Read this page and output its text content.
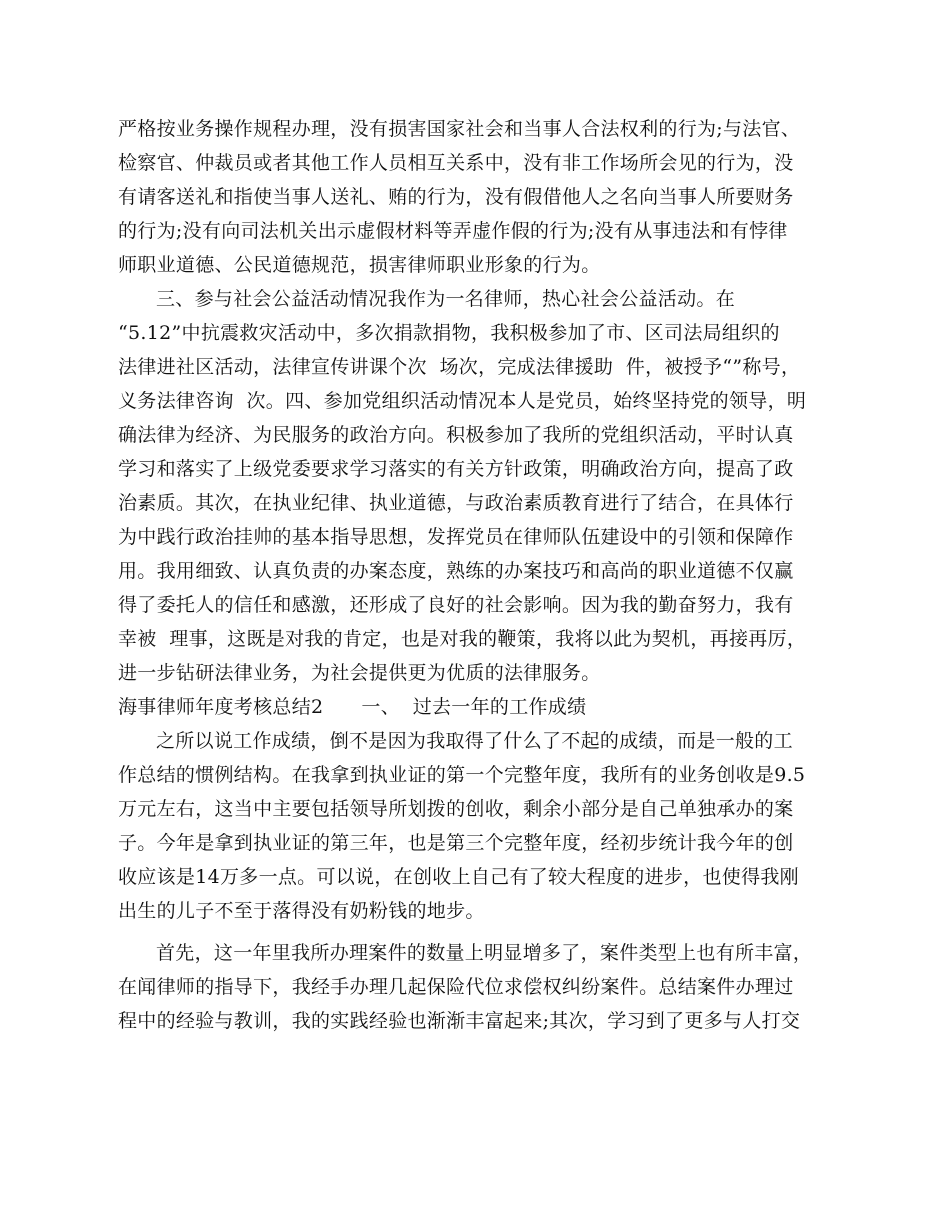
严格按业务操作规程办理，没有损害国家社会和当事人合法权利的行为;与法官、
检察官、仲裁员或者其他工作人员相互关系中，没有非工作场所会见的行为，没
有请客送礼和指使当事人送礼、贿的行为，没有假借他人之名向当事人所要财务
的行为;没有向司法机关出示虚假材料等弄虚作假的行为;没有从事违法和有悖律
师职业道德、公民道德规范，损害律师职业形象的行为。
三、参与社会公益活动情况我作为一名律师，热心社会公益活动。在
“5.12”中抗震救灾活动中，多次捐款捐物，我积极参加了市、区司法局组织的
法律进社区活动，法律宣传讲课个次  场次，完成法律援助  件，被授予“”称号，
义务法律咨询  次。四、参加党组织活动情况本人是党员，始终坚持党的领导，明
确法律为经济、为民服务的政治方向。积极参加了我所的党组织活动，平时认真
学习和落实了上级党委要求学习落实的有关方针政策，明确政治方向，提高了政
治素质。其次，在执业纪律、执业道德，与政治素质教育进行了结合，在具体行
为中践行政治挂帅的基本指导思想，发挥党员在律师队伍建设中的引领和保障作
用。我用细致、认真负责的办案态度，熟练的办案技巧和高尚的职业道德不仅赢
得了委托人的信任和感激，还形成了良好的社会影响。因为我的勤奋努力，我有
幸被  理事，这既是对我的肯定，也是对我的鞭策，我将以此为契机，再接再厉，
进一步钻研法律业务，为社会提供更为优质的法律服务。
海事律师年度考核总结2      一、  过去一年的工作成绩
之所以说工作成绩，倒不是因为我取得了什么了不起的成绩，而是一般的工
作总结的惯例结构。在我拿到执业证的第一个完整年度，我所有的业务创收是9.5
万元左右，这当中主要包括领导所划拨的创收，剩余小部分是自己单独承办的案
子。今年是拿到执业证的第三年，也是第三个完整年度，经初步统计我今年的创
收应该是14万多一点。可以说，在创收上自己有了较大程度的进步，也使得我刚
出生的儿子不至于落得没有奶粉钱的地步。
首先，这一年里我所办理案件的数量上明显增多了，案件类型上也有所丰富，
在闻律师的指导下，我经手办理几起保险代位求偿权纠纷案件。总结案件办理过
程中的经验与教训，我的实践经验也渐渐丰富起来;其次，学习到了更多与人打交
